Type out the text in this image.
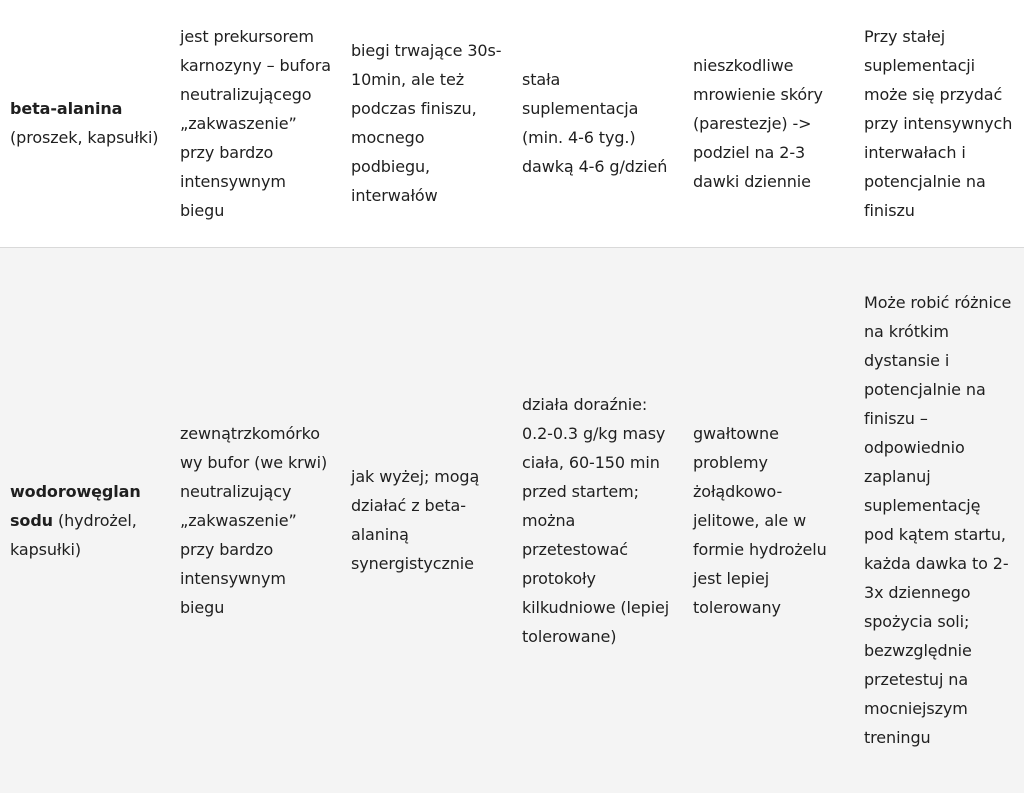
beta-alanina (proszek, kapsułki)	jest prekursorem karnozyny – bufora neutralizującego „zakwaszenie” przy bardzo intensywnym biegu	biegi trwające 30s-10min, ale też podczas finiszu, mocnego podbiegu, interwałów	stała suplementacja (min. 4-6 tyg.) dawką 4-6 g/dzień	nieszkodliwe mrowienie skóry (parestezje) -> podziel na 2-3 dawki dziennie	Przy stałej suplementacji może się przydać przy intensywnych interwałach i potencjalnie na finiszu
wodorowęglan sodu (hydrożel, kapsułki)	zewnątrzkomórkowy bufor (we krwi) neutralizujący „zakwaszenie” przy bardzo intensywnym biegu	jak wyżej; mogą działać z beta-alaniną synergistycznie	działa doraźnie: 0.2-0.3 g/kg masy ciała, 60-150 min przed startem; można przetestować protokoły kilkudniowe (lepiej tolerowane)	gwałtowne problemy żołądkowo-jelitowe, ale w formie hydrożelu jest lepiej tolerowany	Może robić różnice na krótkim dystansie i potencjalnie na finiszu – odpowiednio zaplanuj suplementację pod kątem startu, każda dawka to 2-3x dziennego spożycia soli; bezwzględnie przetestuj na mocniejszym treningu
